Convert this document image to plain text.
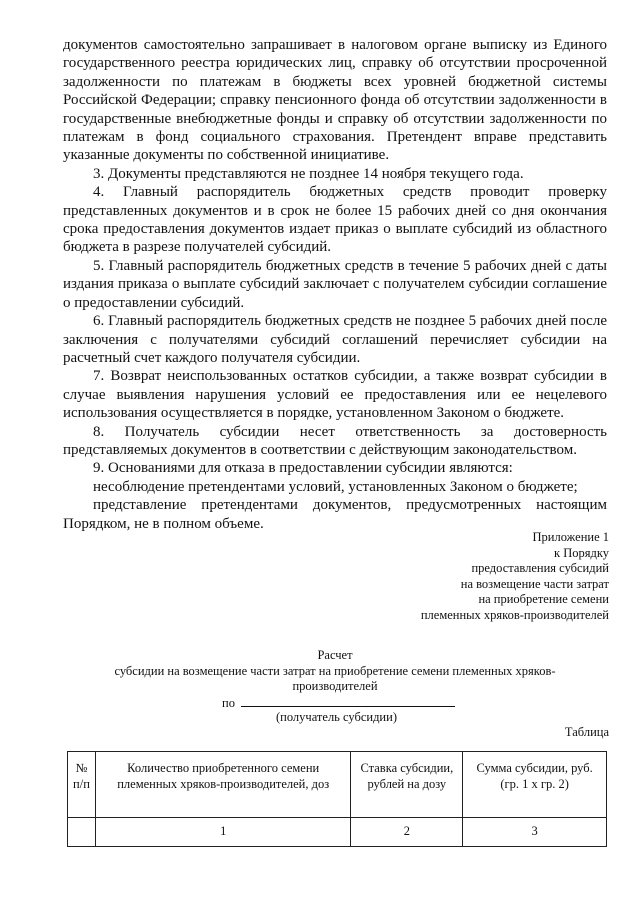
документов самостоятельно запрашивает в налоговом органе выписку из Единого государственного реестра юридических лиц, справку об отсутствии просроченной задолженности по платежам в бюджеты всех уровней бюджетной системы Российской Федерации; справку пенсионного фонда об отсутствии задолженности в государственные внебюджетные фонды и справку об отсутствии задолженности по платежам в фонд социального страхования. Претендент вправе представить указанные документы по собственной инициативе.

3. Документы представляются не позднее 14 ноября текущего года.

4. Главный распорядитель бюджетных средств проводит проверку представленных документов и в срок не более 15 рабочих дней со дня окончания срока предоставления документов издает приказ о выплате субсидий из областного бюджета в разрезе получателей субсидий.

5. Главный распорядитель бюджетных средств в течение 5 рабочих дней с даты издания приказа о выплате субсидий заключает с получателем субсидии соглашение о предоставлении субсидий.

6. Главный распорядитель бюджетных средств не позднее 5 рабочих дней после заключения с получателями субсидий соглашений перечисляет субсидии на расчетный счет каждого получателя субсидии.

7. Возврат неиспользованных остатков субсидии, а также возврат субсидии в случае выявления нарушения условий ее предоставления или ее нецелевого использования осуществляется в порядке, установленном Законом о бюджете.

8. Получатель субсидии несет ответственность за достоверность представляемых документов в соответствии с действующим законодательством.

9. Основаниями для отказа в предоставлении субсидии являются:

несоблюдение претендентами условий, установленных Законом о бюджете;

представление претендентами документов, предусмотренных настоящим Порядком, не в полном объеме.

Приложение 1
к Порядку
предоставления субсидий
на возмещение части затрат
на приобретение семени
племенных хряков-производителей
Расчет
субсидии на возмещение части затрат на приобретение семени племенных хряков-
производителей
по
(получатель субсидии)
Таблица
№ п/п	Количество приобретенного семени племенных хряков-производителей, доз	Ставка субсидии, рублей на дозу	Сумма субсидии, руб. (гр. 1 х гр. 2)
	1	2	3
